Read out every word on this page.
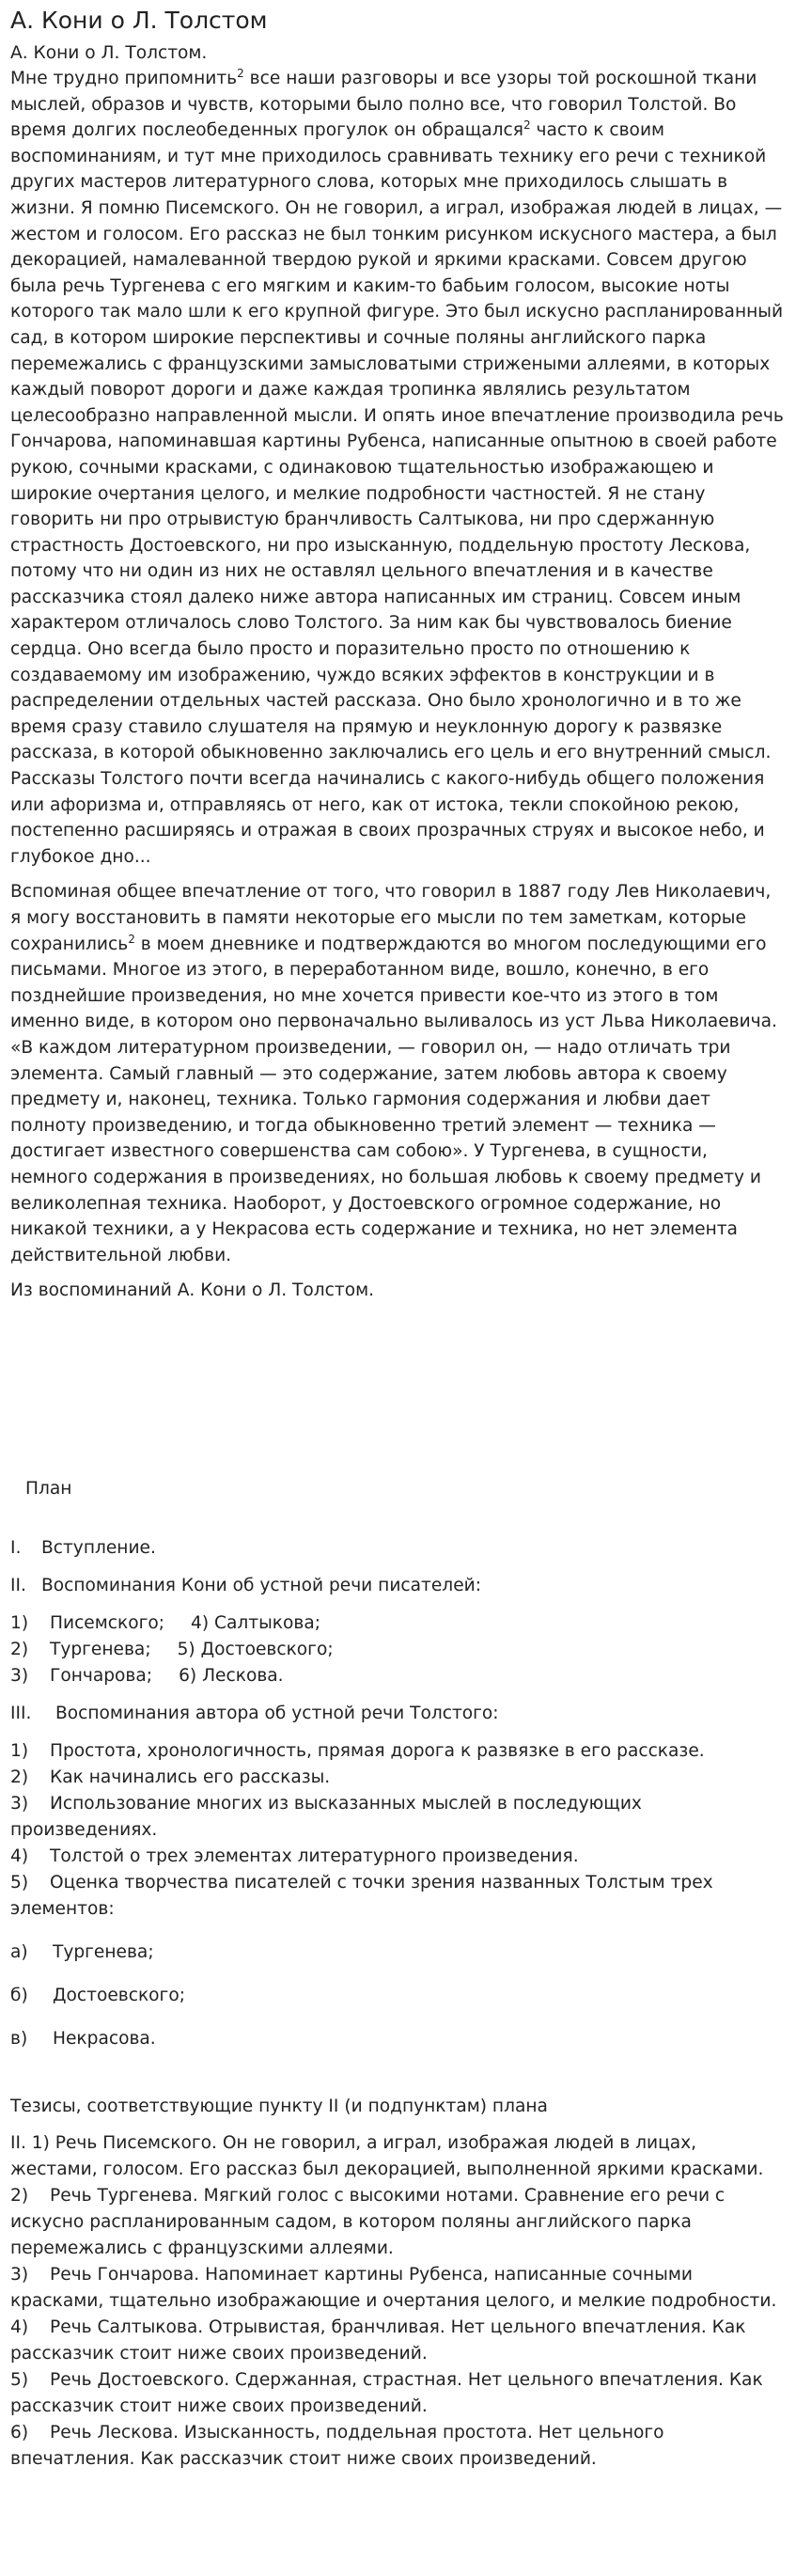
А. Кони о Л. Толстом
А. Кони о Л. Толстом.

Мне трудно припомнить$^2$ все наши разговоры и все узоры той роскошной ткани мыслей, образов и чувств, которыми было полно все, что говорил Толстой. Во время долгих послеобеденных прогулок он обращался$^2$ часто к своим воспоминаниям, и тут мне приходилось сравнивать технику его речи с техникой других мастеров литературного слова, которых мне приходилось слышать в жизни. Я помню Писемского. Он не говорил, а играл, изображая людей в лицах, — жестом и голосом. Его рассказ не был тонким рисунком искусного мастера, а был декорацией, намалеванной твердою рукой и яркими красками. Совсем другою была речь Тургенева с его мягким и каким-то бабьим голосом, высокие ноты которого так мало шли к его крупной фигуре. Это был искусно распланированный сад, в котором широкие перспективы и сочные поляны английского парка перемежались с французскими замысловатыми стрижеными аллеями, в которых каждый поворот дороги и даже каждая тропинка являлись результатом целесообразно направленной мысли. И опять иное впечатление производила речь Гончарова, напоминавшая картины Рубенса, написанные опытною в своей работе рукою, сочными красками, с одинаковою тщательностью изображающею и широкие очертания целого, и мелкие подробности частностей. Я не стану говорить ни про отрывистую бранчливость Салтыкова, ни про сдержанную страстность Достоевского, ни про изысканную, поддельную простоту Лескова, потому что ни один из них не оставлял цельного впечатления и в качестве рассказчика стоял далеко ниже автора написанных им страниц. Совсем иным характером отличалось слово Толстого. За ним как бы чувствовалось биение сердца. Оно всегда было просто и поразительно просто по отношению к создаваемому им изображению, чуждо всяких эффектов в конструкции и в распределении отдельных частей рассказа. Оно было хронологично и в то же время сразу ставило слушателя на прямую и неуклонную дорогу к развязке рассказа, в которой обыкновенно заключались его цель и его внутренний смысл. Рассказы Толстого почти всегда начинались с какого-нибудь общего положения или афоризма и, отправляясь от него, как от истока, текли спокойною рекою, постепенно расширяясь и отражая в своих прозрачных струях и высокое небо, и глубокое дно...

Вспоминая общее впечатление от того, что говорил в 1887 году Лев Николаевич, я могу восстановить в памяти некоторые его мысли по тем заметкам, которые сохранились$^2$ в моем дневнике и подтверждаются во многом последующими его письмами. Многое из этого, в переработанном виде, вошло, конечно, в его позднейшие произведения, но мне хочется привести кое-что из этого в том именно виде, в котором оно первоначально выливалось из уст Льва Николаевича. «В каждом литературном произведении, — говорил он, — надо отличать три элемента. Самый главный — это содержание, затем любовь автора к своему предмету и, наконец, техника. Только гармония содержания и любви дает полноту произведению, и тогда обыкновенно третий элемент — техника — достигает известного совершенства сам собою». У Тургенева, в сущности, немного содержания в произведениях, но большая любовь к своему предмету и великолепная техника. Наоборот, у Достоевского огромное содержание, но никакой техники, а у Некрасова есть содержание и техника, но нет элемента действительной любви.

Из воспоминаний А. Кони о Л. Толстом.

План
I. Вступление.
II. Воспоминания Кони об устной речи писателей:
1) Писемского; 4) Салтыкова;
2) Тургенева; 5) Достоевского;
3) Гончарова; 6) Лескова.
III. Воспоминания автора об устной речи Толстого:
1) Простота, хронологичность, прямая дорога к развязке в его рассказе.
2) Как начинались его рассказы.
3) Использование многих из высказанных мыслей в последующих произведениях.
4) Толстой о трех элементах литературного произведения.
5) Оценка творчества писателей с точки зрения названных Толстым трех элементов:
а) Тургенева;
б) Достоевского;
в) Некрасова.
Тезисы, соответствующие пункту II (и подпунктам) плана
II. 1) Речь Писемского. Он не говорил, а играл, изображая людей в лицах, жестами, голосом. Его рассказ был декорацией, выполненной яркими красками.
2) Речь Тургенева. Мягкий голос с высокими нотами. Сравнение его речи с искусно распланированным садом, в котором поляны английского парка перемежались с французскими аллеями.
3) Речь Гончарова. Напоминает картины Рубенса, написанные сочными красками, тщательно изображающие и очертания целого, и мелкие подробности.
4) Речь Салтыкова. Отрывистая, бранчливая. Нет цельного впечатления. Как рассказчик стоит ниже своих произведений.
5) Речь Достоевского. Сдержанная, страстная. Нет цельного впечатления. Как рассказчик стоит ниже своих произведений.
6) Речь Лескова. Изысканность, поддельная простота. Нет цельного впечатления. Как рассказчик стоит ниже своих произведений.
